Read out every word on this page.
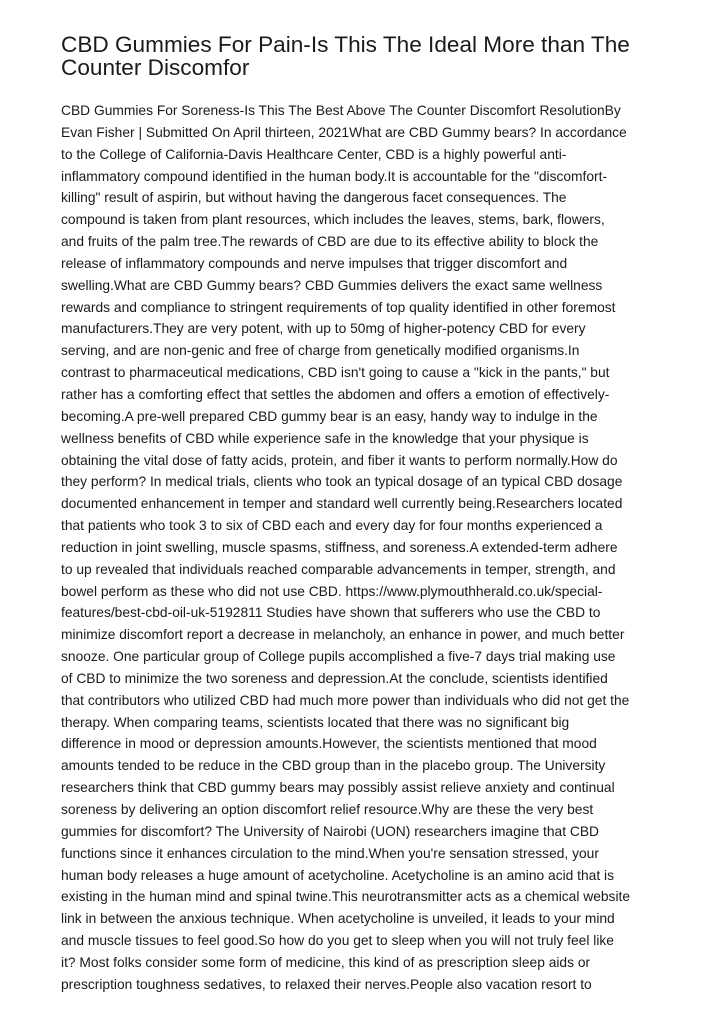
CBD Gummies For Pain-Is This The Ideal More than The
Counter Discomfor
CBD Gummies For Soreness-Is This The Best Above The Counter Discomfort ResolutionBy
Evan Fisher | Submitted On April thirteen, 2021What are CBD Gummy bears? In accordance
to the College of California-Davis Healthcare Center, CBD is a highly powerful anti-
inflammatory compound identified in the human body.It is accountable for the "discomfort-
killing" result of aspirin, but without having the dangerous facet consequences. The
compound is taken from plant resources, which includes the leaves, stems, bark, flowers,
and fruits of the palm tree.The rewards of CBD are due to its effective ability to block the
release of inflammatory compounds and nerve impulses that trigger discomfort and
swelling.What are CBD Gummy bears? CBD Gummies delivers the exact same wellness
rewards and compliance to stringent requirements of top quality identified in other foremost
manufacturers.They are very potent, with up to 50mg of higher-potency CBD for every
serving, and are non-genic and free of charge from genetically modified organisms.In
contrast to pharmaceutical medications, CBD isn't going to cause a "kick in the pants," but
rather has a comforting effect that settles the abdomen and offers a emotion of effectively-
becoming.A pre-well prepared CBD gummy bear is an easy, handy way to indulge in the
wellness benefits of CBD while experience safe in the knowledge that your physique is
obtaining the vital dose of fatty acids, protein, and fiber it wants to perform normally.How do
they perform? In medical trials, clients who took an typical dosage of an typical CBD dosage
documented enhancement in temper and standard well currently being.Researchers located
that patients who took 3 to six of CBD each and every day for four months experienced a
reduction in joint swelling, muscle spasms, stiffness, and soreness.A extended-term adhere
to up revealed that individuals reached comparable advancements in temper, strength, and
bowel perform as these who did not use CBD. https://www.plymouthherald.co.uk/special-
features/best-cbd-oil-uk-5192811 Studies have shown that sufferers who use the CBD to
minimize discomfort report a decrease in melancholy, an enhance in power, and much better
snooze. One particular group of College pupils accomplished a five-7 days trial making use
of CBD to minimize the two soreness and depression.At the conclude, scientists identified
that contributors who utilized CBD had much more power than individuals who did not get the
therapy. When comparing teams, scientists located that there was no significant big
difference in mood or depression amounts.However, the scientists mentioned that mood
amounts tended to be reduce in the CBD group than in the placebo group. The University
researchers think that CBD gummy bears may possibly assist relieve anxiety and continual
soreness by delivering an option discomfort relief resource.Why are these the very best
gummies for discomfort? The University of Nairobi (UON) researchers imagine that CBD
functions since it enhances circulation to the mind.When you're sensation stressed, your
human body releases a huge amount of acetycholine. Acetycholine is an amino acid that is
existing in the human mind and spinal twine.This neurotransmitter acts as a chemical website
link in between the anxious technique. When acetycholine is unveiled, it leads to your mind
and muscle tissues to feel good.So how do you get to sleep when you will not truly feel like
it? Most folks consider some form of medicine, this kind of as prescription sleep aids or
prescription toughness sedatives, to relaxed their nerves.People also vacation resort to
